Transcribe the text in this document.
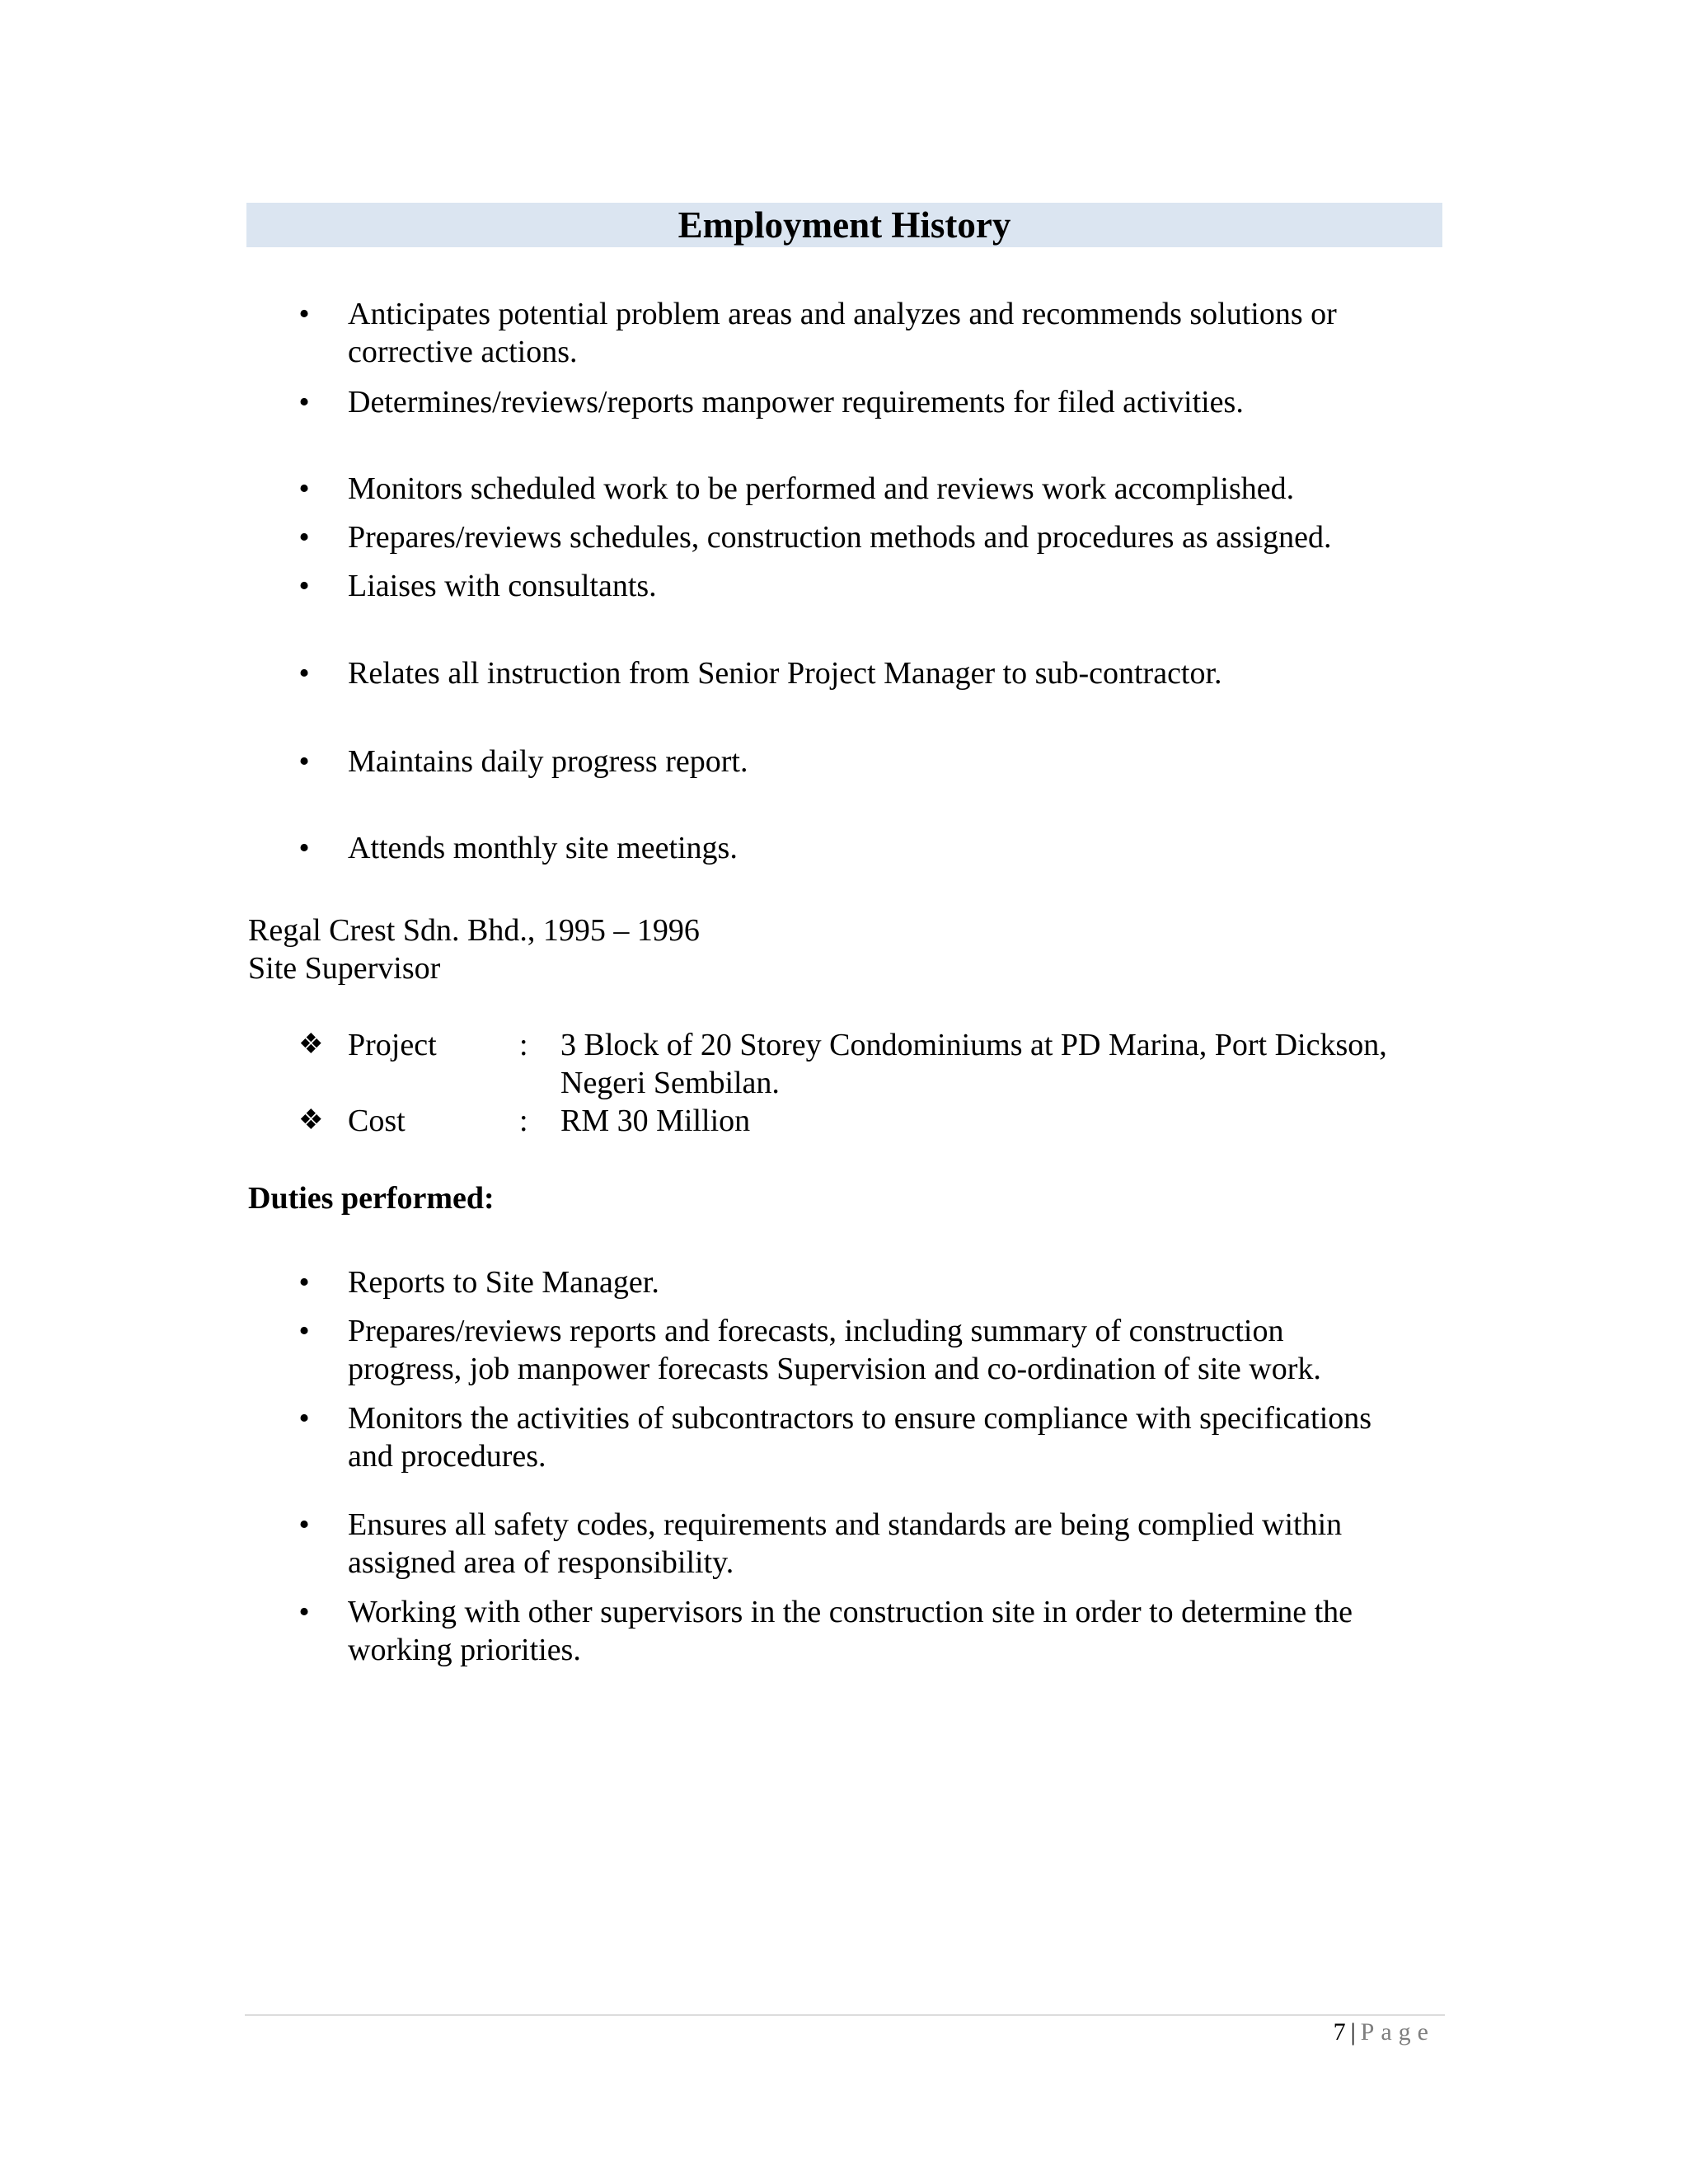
Employment History
• Anticipates potential problem areas and analyzes and recommends solutions or
corrective actions.
• Determines/reviews/reports manpower requirements for filed activities.
• Monitors scheduled work to be performed and reviews work accomplished.
• Prepares/reviews schedules, construction methods and procedures as assigned.
• Liaises with consultants.
• Relates all instruction from Senior Project Manager to sub-contractor.
• Maintains daily progress report.
• Attends monthly site meetings.
Regal Crest Sdn. Bhd., 1995 – 1996
Site Supervisor
❖ Project	: 3 Block of 20 Storey Condominiums at PD Marina, Port Dickson,
Negeri Sembilan.
❖ Cost	: RM 30 Million
Duties performed:
• Reports to Site Manager.
• Prepares/reviews reports and forecasts, including summary of construction
progress, job manpower forecasts Supervision and co-ordination of site work.
• Monitors the activities of subcontractors to ensure compliance with specifications
and procedures.
• Ensures all safety codes, requirements and standards are being complied within
assigned area of responsibility.
• Working with other supervisors in the construction site in order to determine the
working priorities.
7 | Page
